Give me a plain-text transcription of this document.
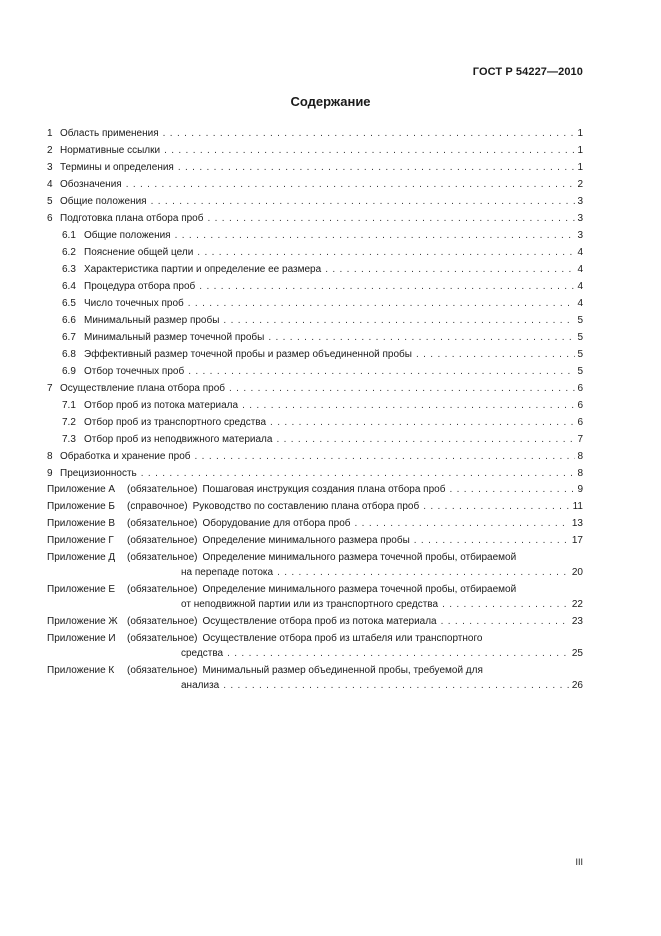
ГОСТ Р 54227—2010
Содержание
1 Область применения . . .	1
2 Нормативные ссылки . . .	1
3 Термины и определения . . .	1
4 Обозначения . . .	2
5 Общие положения . . .	3
6 Подготовка плана отбора проб . . .	3
6.1 Общие положения . . .	3
6.2 Пояснение общей цели . . .	4
6.3 Характеристика партии и определение ее размера . . .	4
6.4 Процедура отбора проб . . .	4
6.5 Число точечных проб . . .	4
6.6 Минимальный размер пробы . . .	5
6.7 Минимальный размер точечной пробы . . .	5
6.8 Эффективный размер точечной пробы и размер объединенной пробы . . .	5
6.9 Отбор точечных проб . . .	5
7 Осуществление плана отбора проб . . .	6
7.1 Отбор проб из потока материала . . .	6
7.2 Отбор проб из транспортного средства . . .	6
7.3 Отбор проб из неподвижного материала . . .	7
8 Обработка и хранение проб . . .	8
9 Прецизионность . . .	8
Приложение А	(обязательное) Пошаговая инструкция создания плана отбора проб . . .	9
Приложение Б	(справочное) Руководство по составлению плана отбора проб . . .	11
Приложение В	(обязательное) Оборудование для отбора проб . . .	13
Приложение Г	(обязательное) Определение минимального размера пробы . . .	17
Приложение Д	(обязательное) Определение минимального размера точечной пробы, отбираемой
на перепаде потока . . .	20
Приложение Е	(обязательное) Определение минимального размера точечной пробы, отбираемой
от неподвижной партии или из транспортного средства . . .	22
Приложение Ж (обязательное) Осуществление отбора проб из потока материала . . .	23
Приложение И	(обязательное) Осуществление отбора проб из штабеля или транспортного
средства . . .	25
Приложение К	(обязательное) Минимальный размер объединенной пробы, требуемой для
анализа . . .	26
III
